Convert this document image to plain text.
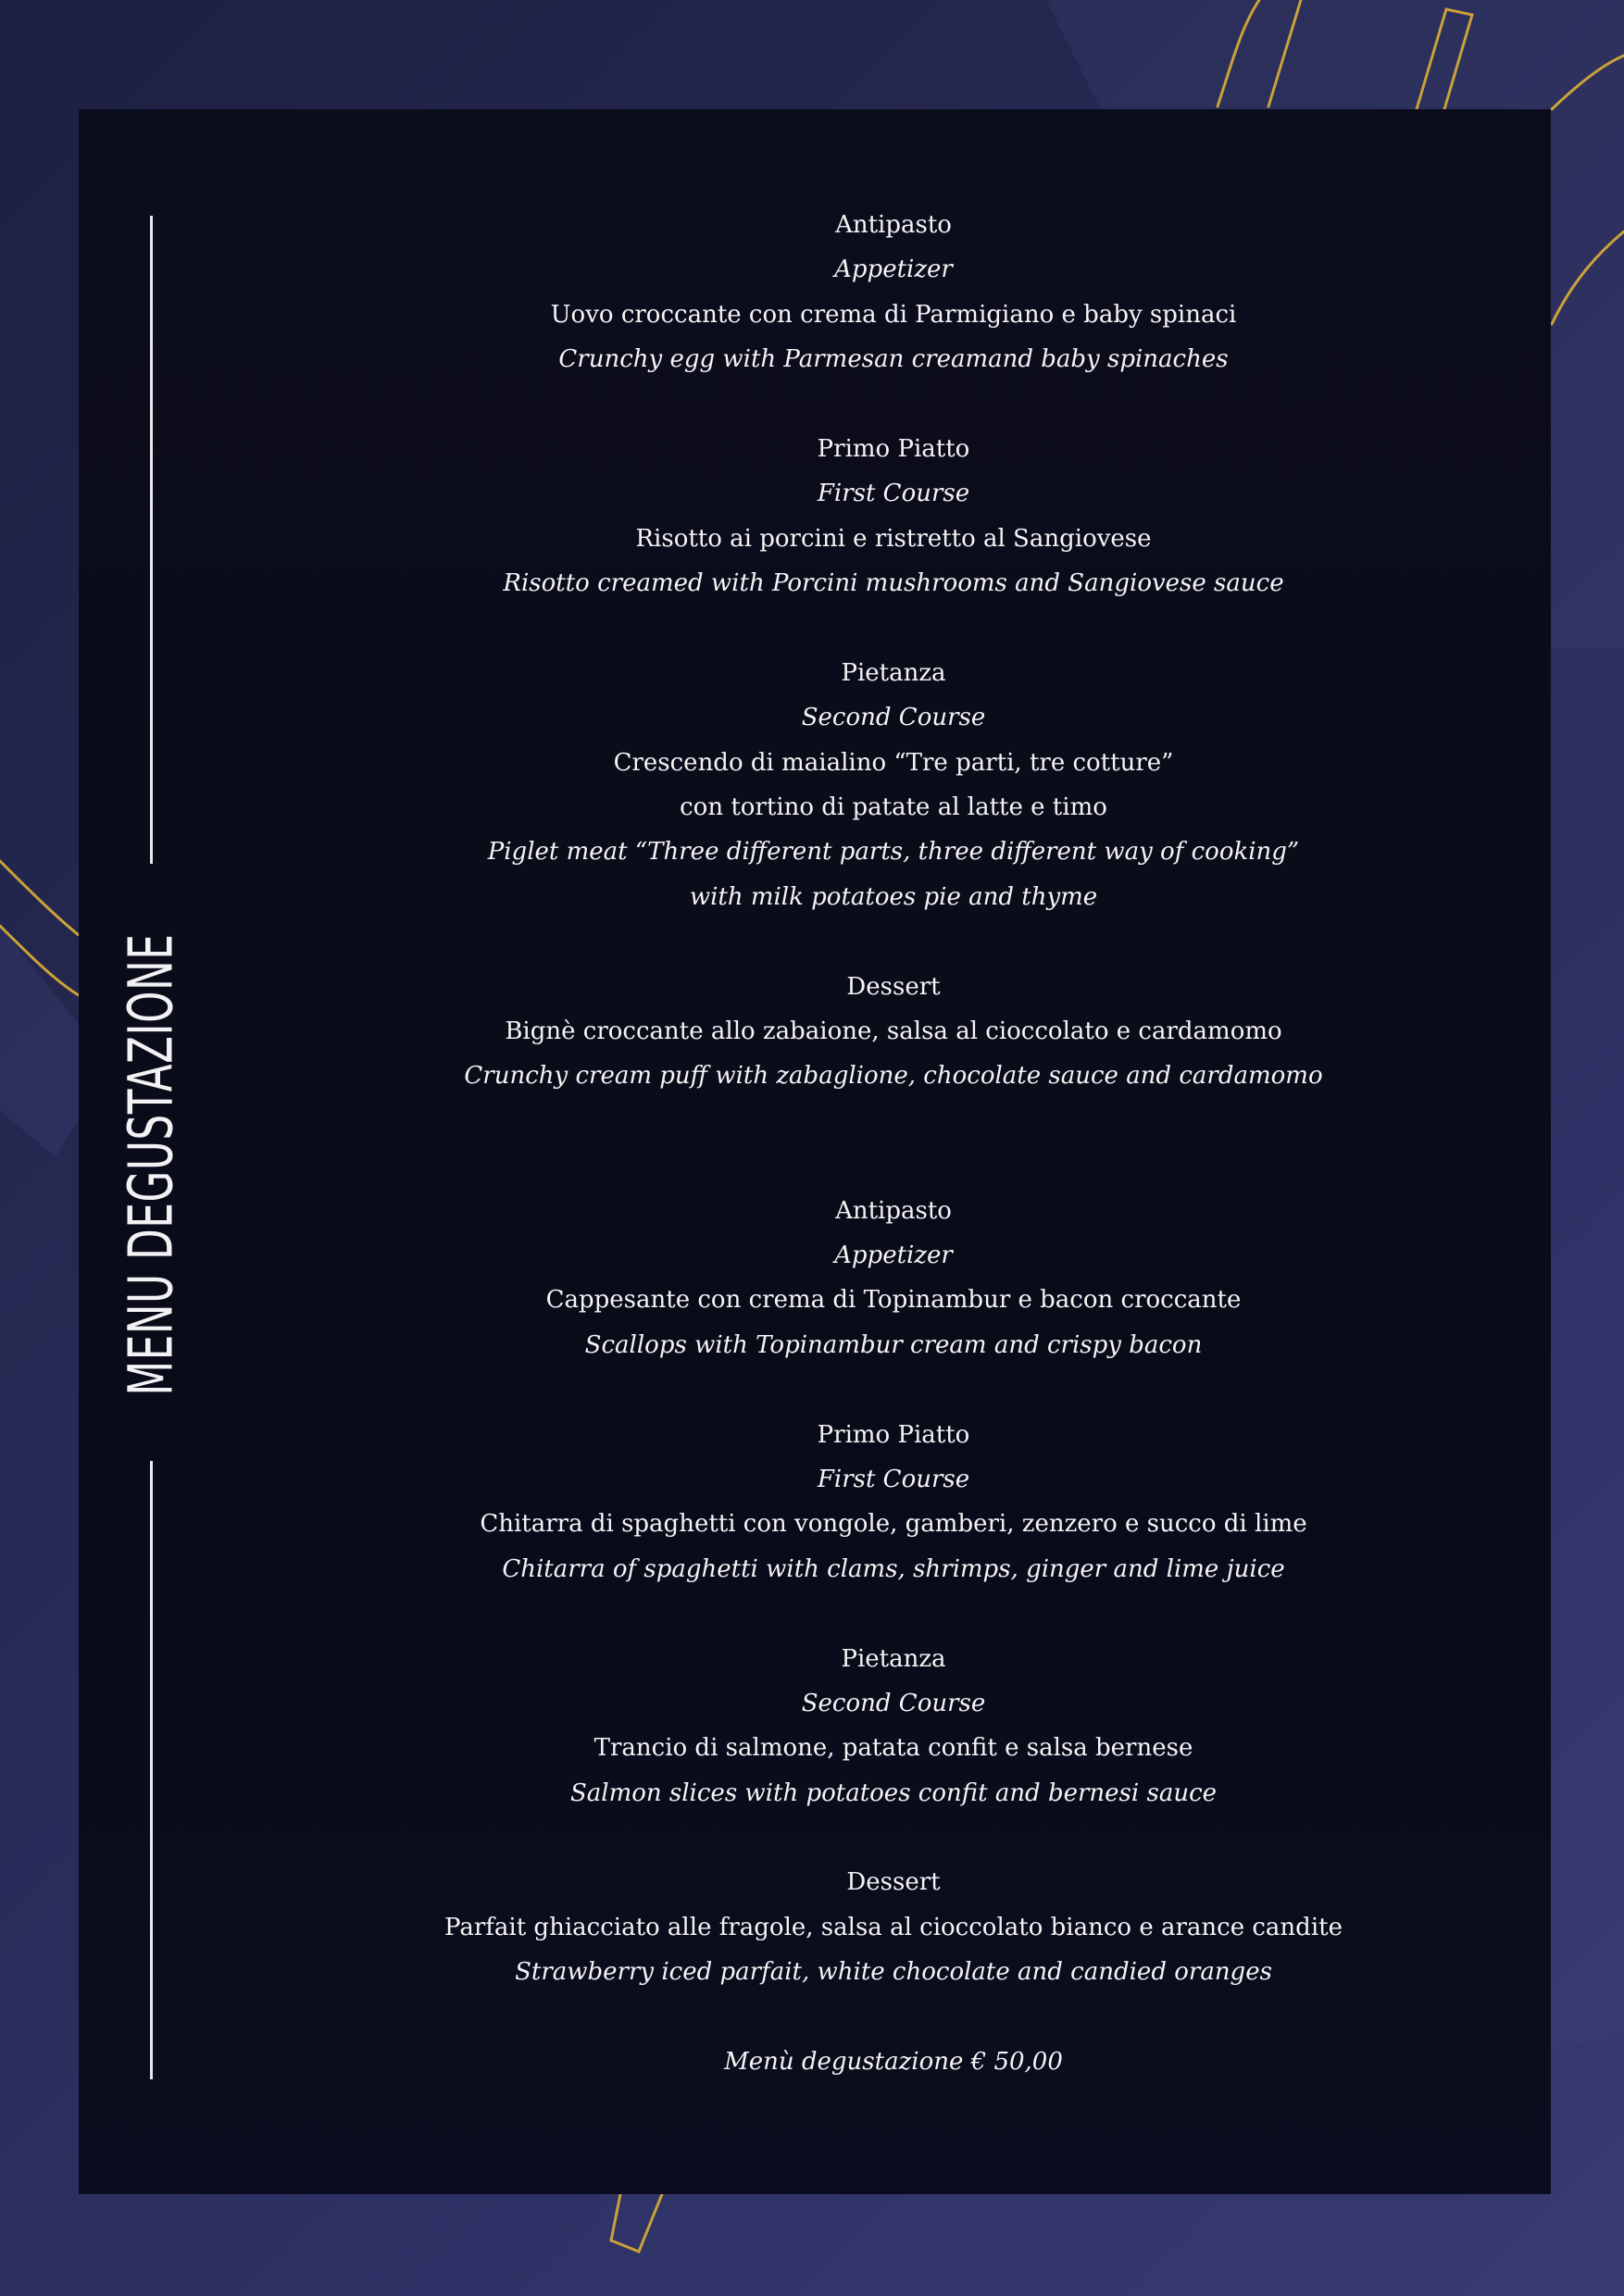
MENU DEGUSTAZIONE
Antipasto
Appetizer
Uovo croccante con crema di Parmigiano e baby spinaci
Crunchy egg with Parmesan creamand baby spinaches
Primo Piatto
First Course
Risotto ai porcini e ristretto al Sangiovese
Risotto creamed with Porcini mushrooms and Sangiovese sauce
Pietanza
Second Course
Crescendo di maialino “Tre parti, tre cotture”
con tortino di patate al latte e timo
Piglet meat “Three different parts, three different way of cooking”
with milk potatoes pie and thyme
Dessert
Bignè croccante allo zabaione, salsa al cioccolato e cardamomo
Crunchy cream puff with zabaglione, chocolate sauce and cardamomo
Antipasto
Appetizer
Cappesante con crema di Topinambur e bacon croccante
Scallops with Topinambur cream and crispy bacon
Primo Piatto
First Course
Chitarra di spaghetti con vongole, gamberi, zenzero e succo di lime
Chitarra of spaghetti with clams, shrimps, ginger and lime juice
Pietanza
Second Course
Trancio di salmone, patata confit e salsa bernese
Salmon slices with potatoes confit and bernesi sauce
Dessert
Parfait ghiacciato alle fragole, salsa al cioccolato bianco e arance candite
Strawberry iced parfait, white chocolate and candied oranges
Menù degustazione € 50,00
